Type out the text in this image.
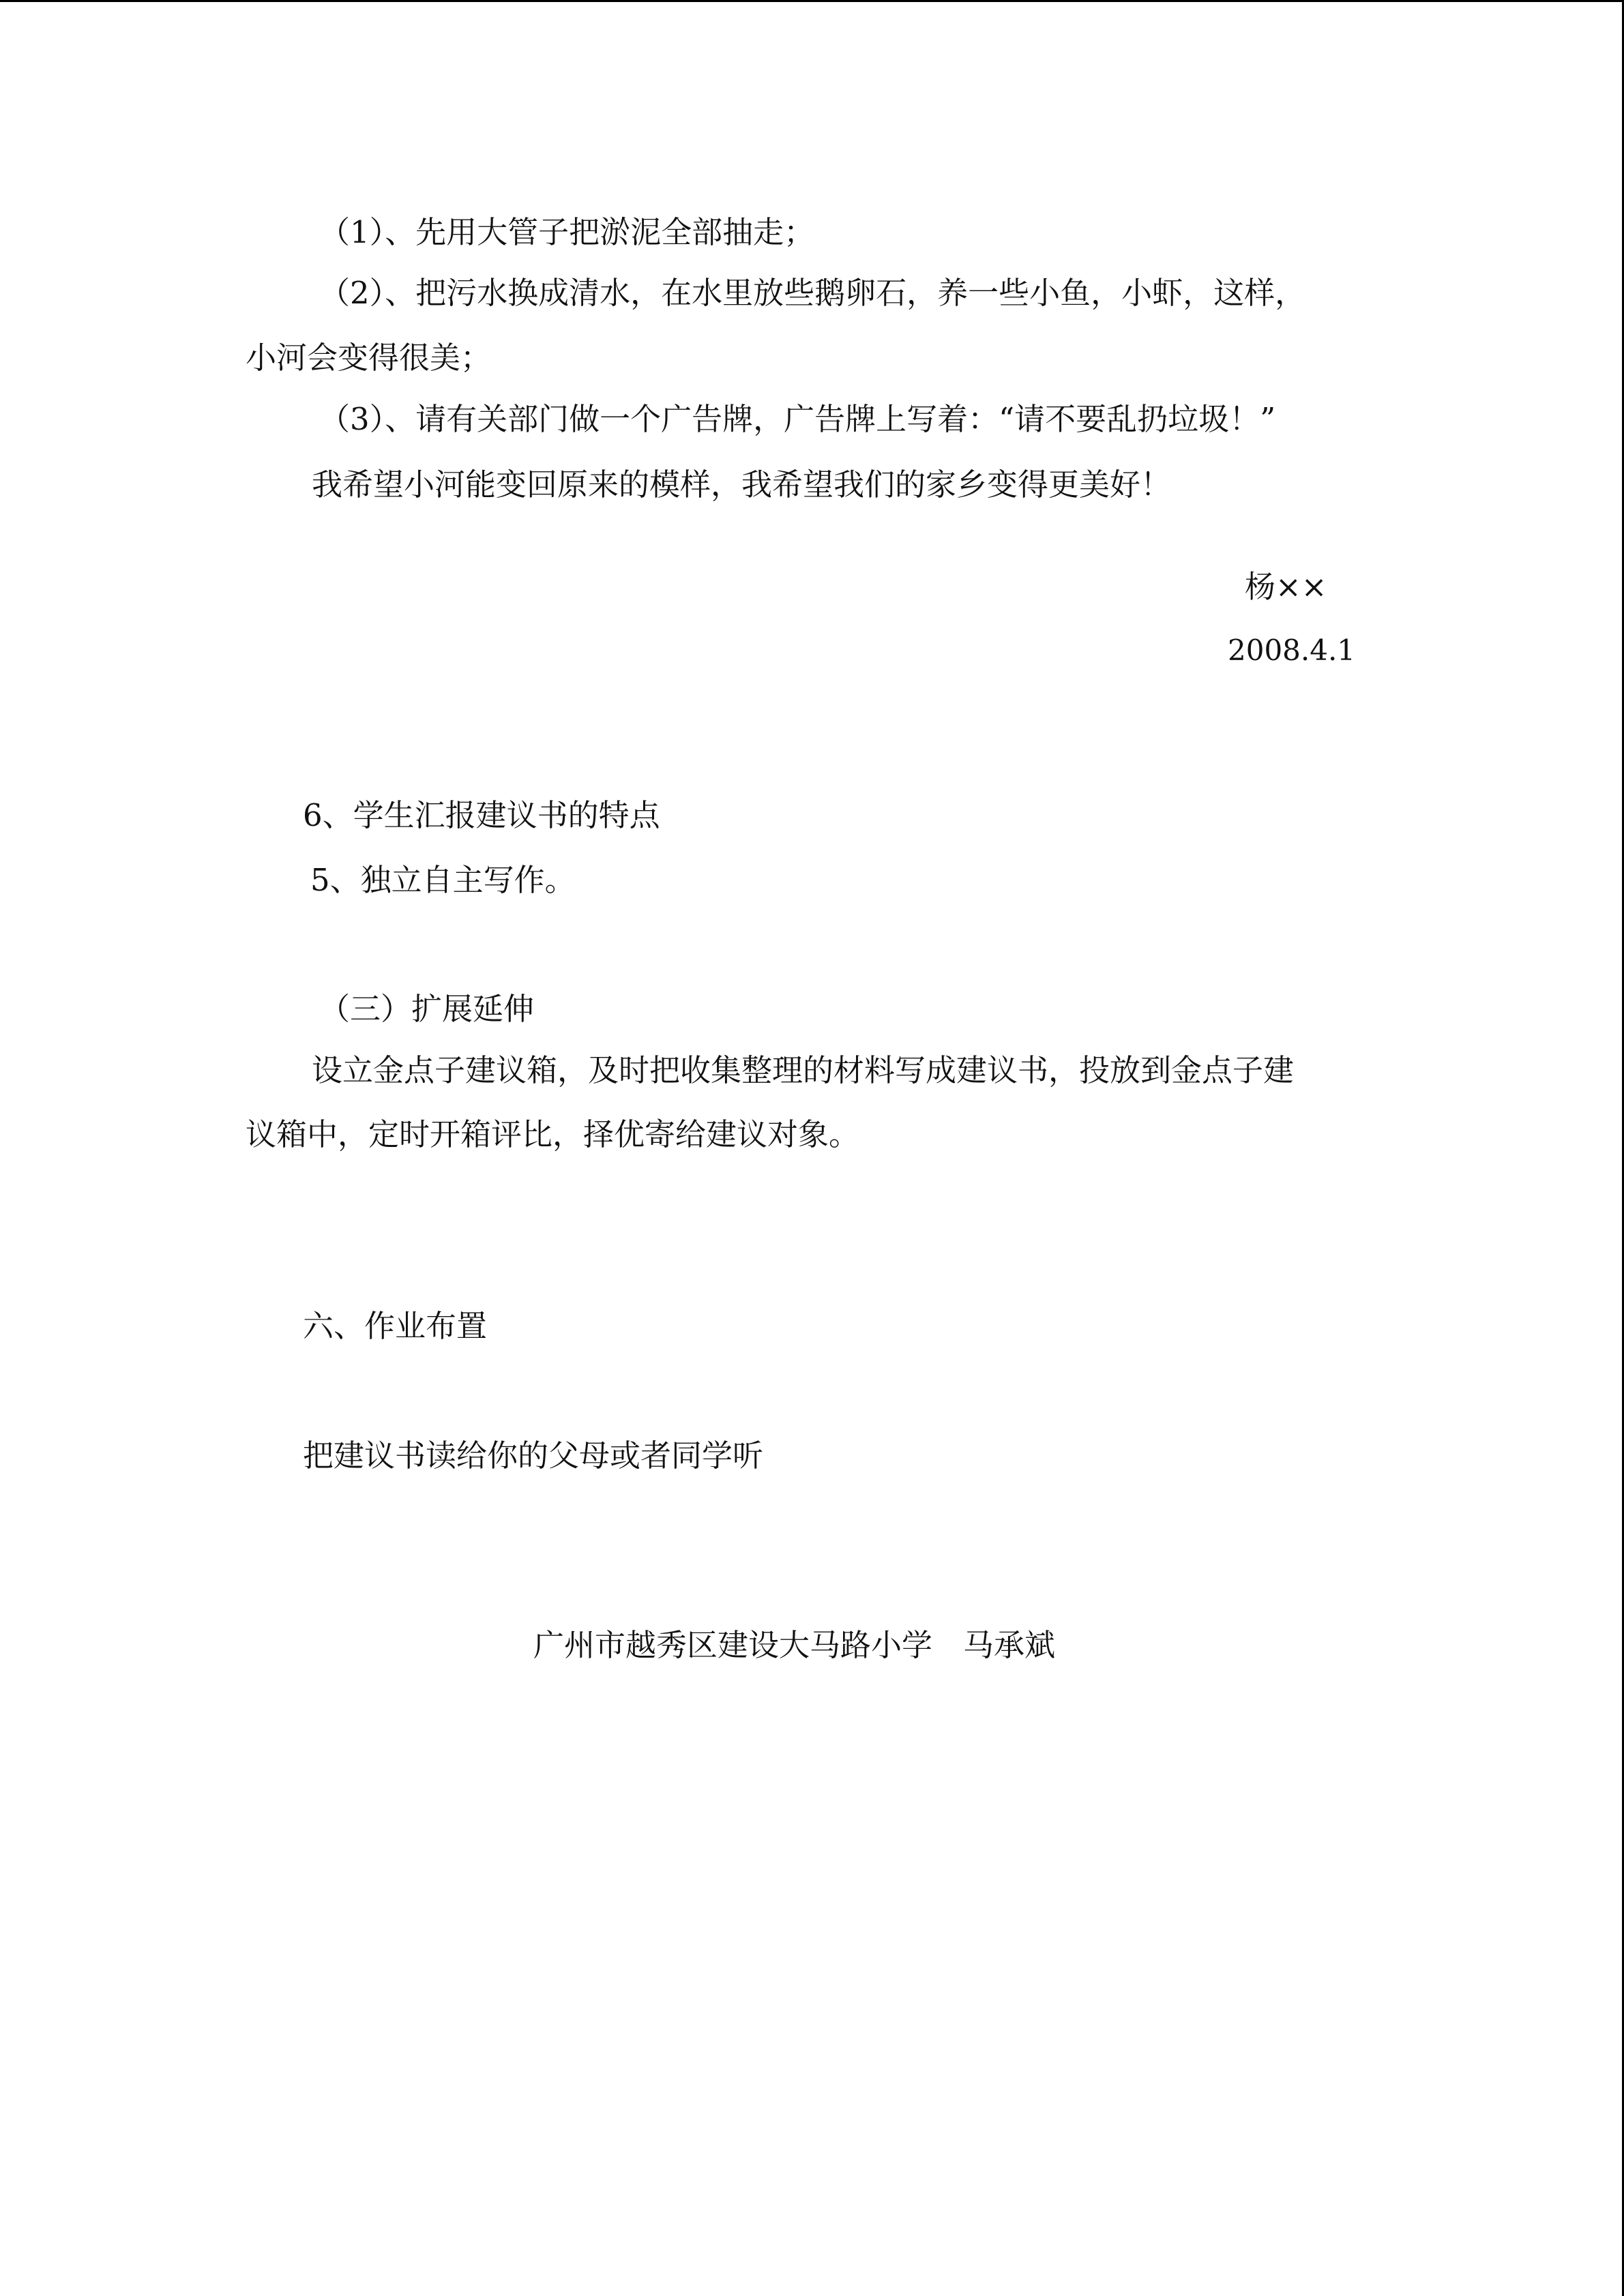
（1）、先用大管子把淤泥全部抽走；
（2）、把污水换成清水，在水里放些鹅卵石，养一些小鱼，小虾，这样，
小河会变得很美；
（3）、请有关部门做一个广告牌，广告牌上写着：“请不要乱扔垃圾！”
我希望小河能变回原来的模样，我希望我们的家乡变得更美好！
杨××
2008.4.1
6、学生汇报建议书的特点
5、独立自主写作。
（三）扩展延伸
设立金点子建议箱，及时把收集整理的材料写成建议书，投放到金点子建
议箱中，定时开箱评比，择优寄给建议对象。
六、作业布置
把建议书读给你的父母或者同学听
广州市越秀区建设大马路小学　马承斌
